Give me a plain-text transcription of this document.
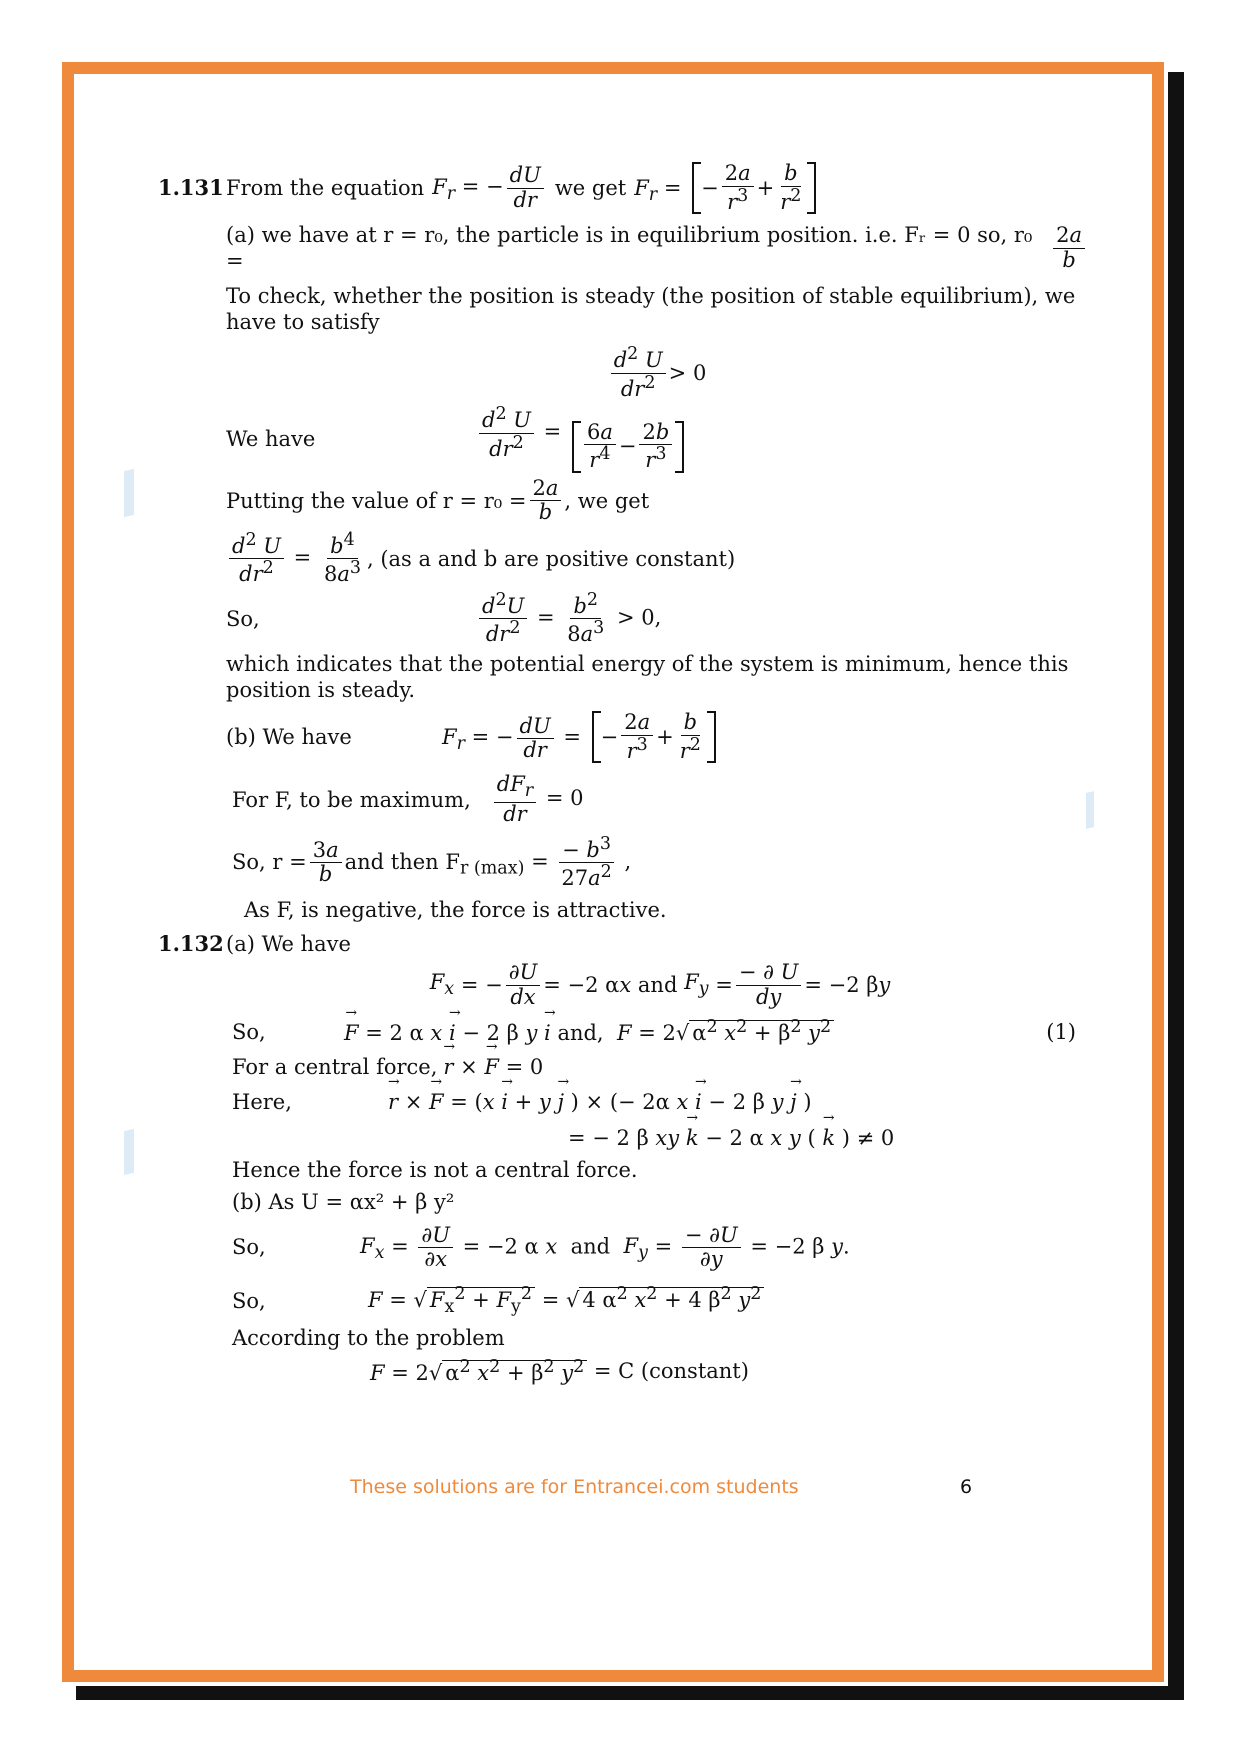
1.131 From the equation $F_r$ = − $\frac{dU}{dr}$ we get $F_r$ = − $\frac{2a}{r^3} + \frac{b}{r^2}$
(a) we have at r = r₀, the particle is in equilibrium position. i.e. Fᵣ = 0 so, r₀ =	$\frac{2a}{b}$
To check, whether the position is steady (the position of stable equilibrium), we have to satisfy
$\frac{d^2 U}{dr^2} > 0$
We have	$\frac{d^2 U}{dr^2} = \frac{6a}{r^4} - \frac{2b}{r^3}$
Putting the value of $r = r_0 = \frac{2a}{b}$ , we get
$\frac{d^2 U}{dr^2} = \frac{b^4}{8a^3}$ , (as a and b are positive constant)
So,	$\frac{d^2U}{dr^2} = \frac{b^2}{8a^3} > 0$,
which indicates that the potential energy of the system is minimum, hence this position is steady.
(b) We have	$F_r$ = − $\frac{dU}{dr}$ = − $\frac{2a}{r^3} + \frac{b}{r^2}$
For F, to be maximum, $\frac{dF_r}{dr} = 0$
So, $r = \frac{3a}{b}$ and then F $_{r (max)} = \frac{- b^3}{27a^2}$ ,
As F, is negative, the force is attractive.
1.132 (a) We have
$F_x$ = − $\frac{\partial U}{dx} = -2$ α x
and
$F_y = \frac{- \partial U}{dy} = -2$ β y
So,	F → = 2 α x i → − 2 β y i → and,  F = 2√ $\alpha^2$ $x^2 + \beta^2$ $y^2$	(1)
For a central force, r → × F → = 0
Here,	r → × F → = (x i → + y j → ) × (− 2α x i → − 2 β y j → )
= − 2 β xy k → − 2 α x y ( k → ) ≠ 0
Hence the force is not a central force.
(b) As U = αx² + β y²
So,	$F_x = \frac{\partial U}{\partial x} = -2$ α x  and  $F_y = \frac{- \partial U}{\partial y} = -2$ β y.
So,	F = √ $F_x^2 + F_y^2$ = √ 4 $\alpha^2$ $x^2 + 4$ $\beta^2$ $y^2$
According to the problem
F = 2√ $\alpha^2$ $x^2 + \beta^2$ $y^2 = C$ (constant)
These solutions are for Entrancei.com students	6
